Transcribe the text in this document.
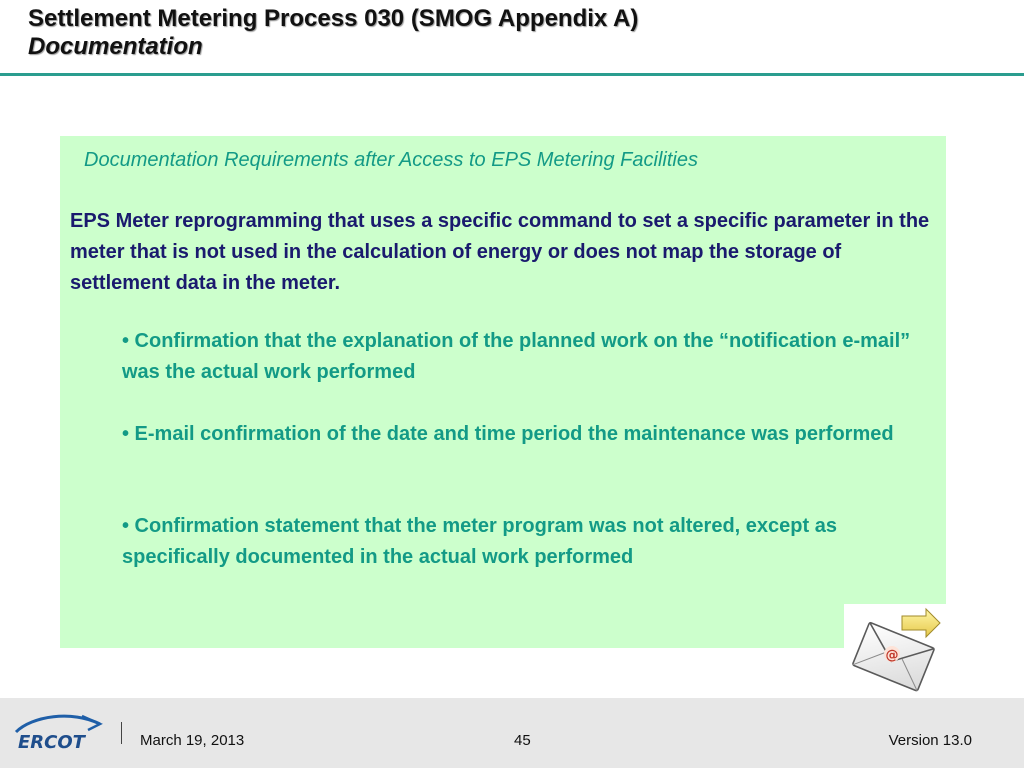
Settlement Metering Process 030 (SMOG Appendix A)
Documentation
Documentation Requirements after Access to EPS Metering Facilities
EPS Meter reprogramming that uses a specific command to set a specific parameter in the meter that is not used in the calculation of energy or does not map the storage of settlement data in the meter.
• Confirmation that the explanation of the planned work on the “notification e-mail” was the actual work performed
• E-mail confirmation of the date and time period the maintenance was performed
• Confirmation statement that the meter program was not altered, except as specifically documented in the actual work performed
@
ERCOT	March 19, 2013	45	Version 13.0
